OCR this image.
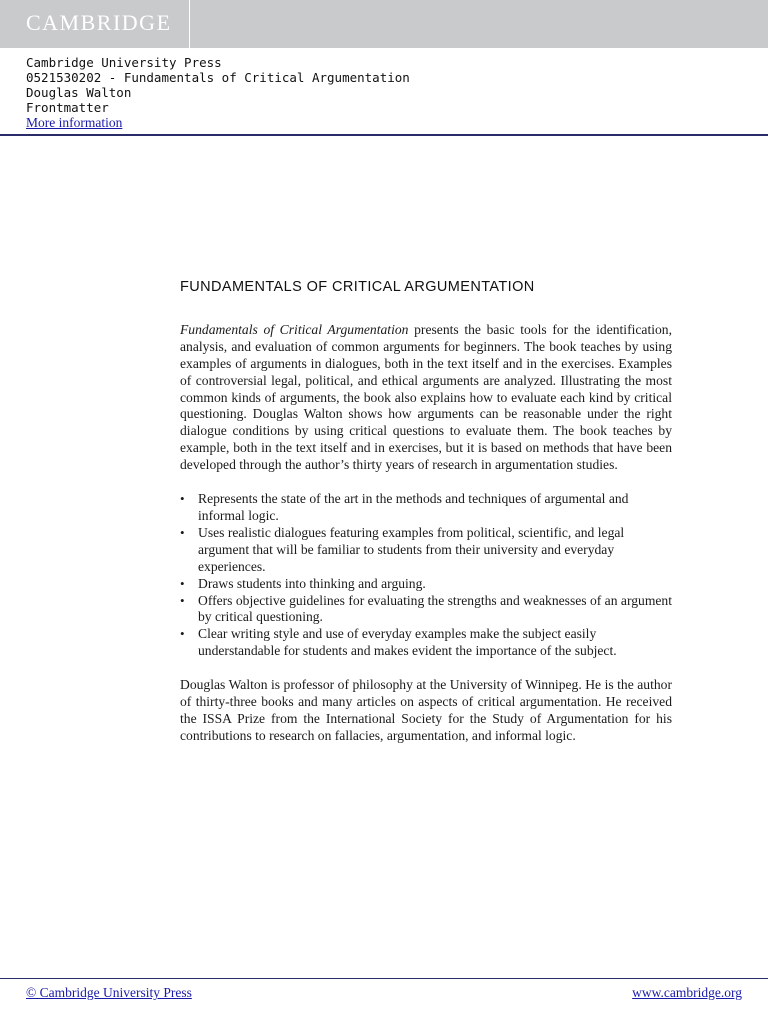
CAMBRIDGE
Cambridge University Press
0521530202 - Fundamentals of Critical Argumentation
Douglas Walton
Frontmatter
More information
FUNDAMENTALS OF CRITICAL ARGUMENTATION

Fundamentals of Critical Argumentation presents the basic tools for the identification, analysis, and evaluation of common arguments for beginners. The book teaches by using examples of arguments in dialogues, both in the text itself and in the exercises. Examples of controversial legal, political, and ethical arguments are analyzed. Illustrating the most common kinds of arguments, the book also explains how to evaluate each kind by critical questioning. Douglas Walton shows how arguments can be reasonable under the right dialogue conditions by using critical questions to evaluate them. The book teaches by example, both in the text itself and in exercises, but it is based on methods that have been developed through the author’s thirty years of research in argumentation studies.

• Represents the state of the art in the methods and techniques of argumental and informal logic.
• Uses realistic dialogues featuring examples from political, scientific, and legal argument that will be familiar to students from their university and everyday experiences.
• Draws students into thinking and arguing.
• Offers objective guidelines for evaluating the strengths and weaknesses of an argument by critical questioning.
• Clear writing style and use of everyday examples make the subject easily understandable for students and makes evident the importance of the subject.

Douglas Walton is professor of philosophy at the University of Winnipeg. He is the author of thirty-three books and many articles on aspects of critical argumentation. He received the ISSA Prize from the International Society for the Study of Argumentation for his contributions to research on fallacies, argumentation, and informal logic.

© Cambridge University Press	www.cambridge.org
